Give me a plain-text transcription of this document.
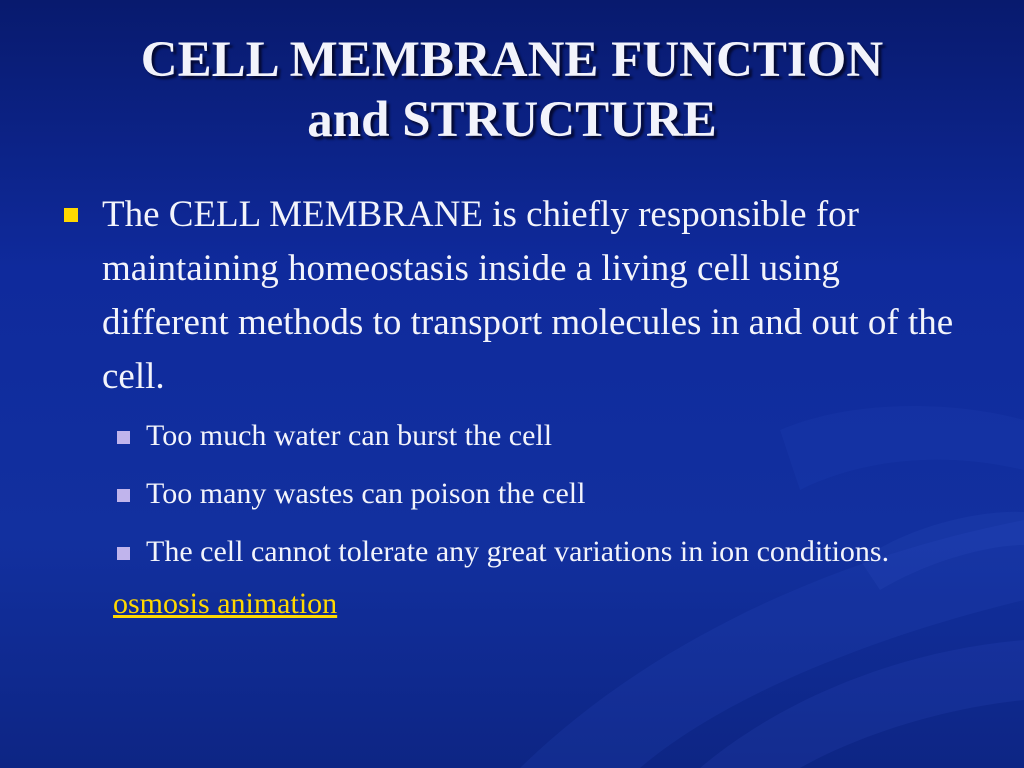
CELL MEMBRANE FUNCTION
and STRUCTURE
The CELL MEMBRANE is chiefly responsible for maintaining homeostasis inside a living cell using different methods to transport molecules in and out of the cell.
Too much water can burst the cell
Too many wastes can poison the cell
The cell cannot tolerate any great variations in ion conditions.
osmosis animation
